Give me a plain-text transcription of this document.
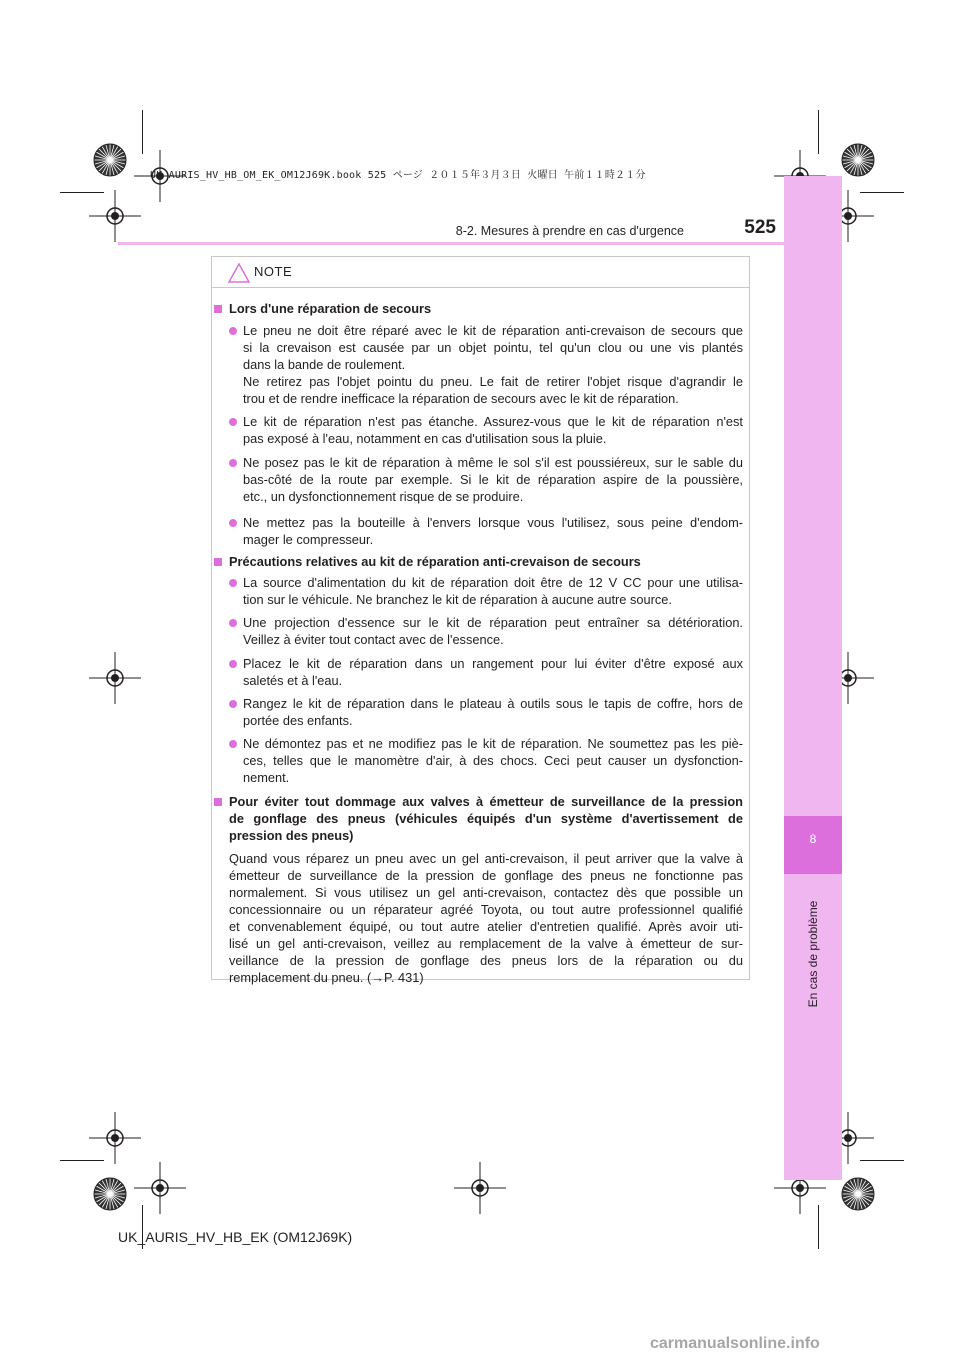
UK AURIS_HV_HB_OM_EK_OM12J69K.book 525 ページ ２０１５年３月３日 火曜日 午前１１時２１分
8
En cas de problème
8-2. Mesures à prendre en cas d'urgence	525
NOTE
Lors d'une réparation de secours
Le pneu ne doit être réparé avec le kit de réparation anti-crevaison de secours que
si la crevaison est causée par un objet pointu, tel qu'un clou ou une vis plantés
dans la bande de roulement.
Ne retirez pas l'objet pointu du pneu. Le fait de retirer l'objet risque d'agrandir le
trou et de rendre inefficace la réparation de secours avec le kit de réparation.
Le kit de réparation n'est pas étanche. Assurez-vous que le kit de réparation n'est
pas exposé à l'eau, notamment en cas d'utilisation sous la pluie.
Ne posez pas le kit de réparation à même le sol s'il est poussiéreux, sur le sable du
bas-côté de la route par exemple. Si le kit de réparation aspire de la poussière,
etc., un dysfonctionnement risque de se produire.
Ne mettez pas la bouteille à l'envers lorsque vous l'utilisez, sous peine d'endom-
mager le compresseur.
Précautions relatives au kit de réparation anti-crevaison de secours
La source d'alimentation du kit de réparation doit être de 12 V CC pour une utilisa-
tion sur le véhicule. Ne branchez le kit de réparation à aucune autre source.
Une projection d'essence sur le kit de réparation peut entraîner sa détérioration.
Veillez à éviter tout contact avec de l'essence.
Placez le kit de réparation dans un rangement pour lui éviter d'être exposé aux
saletés et à l'eau.
Rangez le kit de réparation dans le plateau à outils sous le tapis de coffre, hors de
portée des enfants.
Ne démontez pas et ne modifiez pas le kit de réparation. Ne soumettez pas les piè-
ces, telles que le manomètre d'air, à des chocs. Ceci peut causer un dysfonction-
nement.
Pour éviter tout dommage aux valves à émetteur de surveillance de la pression
de gonflage des pneus (véhicules équipés d'un système d'avertissement de
pression des pneus)
Quand vous réparez un pneu avec un gel anti-crevaison, il peut arriver que la valve à
émetteur de surveillance de la pression de gonflage des pneus ne fonctionne pas
normalement. Si vous utilisez un gel anti-crevaison, contactez dès que possible un
concessionnaire ou un réparateur agréé Toyota, ou tout autre professionnel qualifié
et convenablement équipé, ou tout autre atelier d'entretien qualifié. Après avoir uti-
lisé un gel anti-crevaison, veillez au remplacement de la valve à émetteur de sur-
veillance de la pression de gonflage des pneus lors de la réparation ou du
remplacement du pneu. (→P. 431)
UK_AURIS_HV_HB_EK (OM12J69K)
carmanualsonline.info
